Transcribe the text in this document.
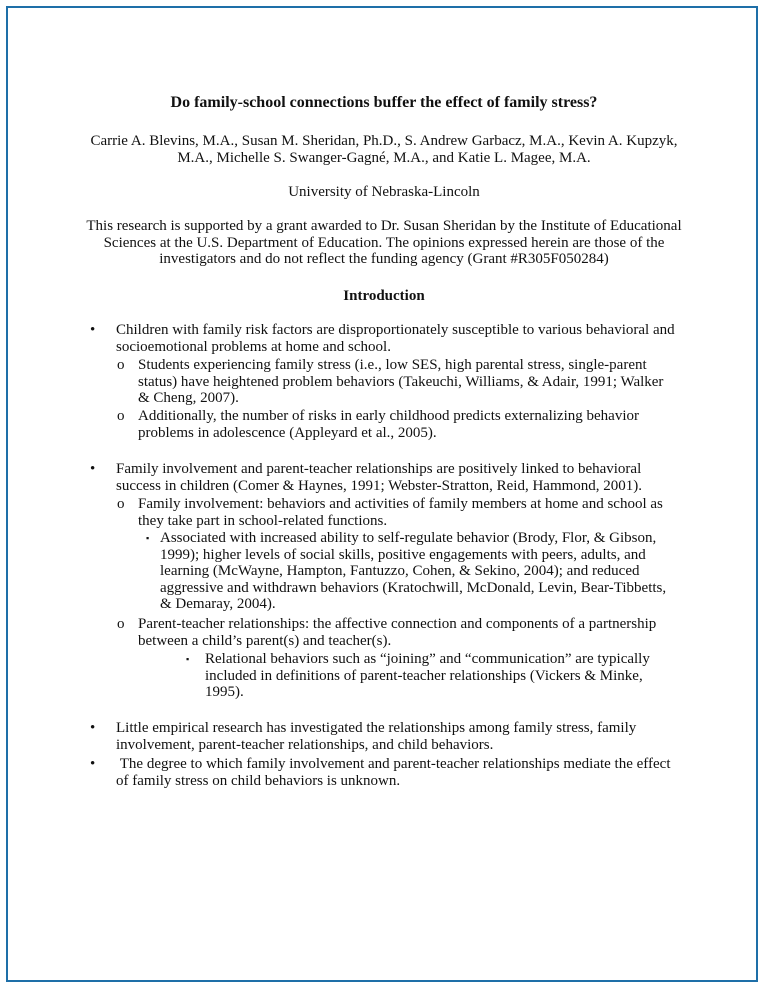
Do family-school connections buffer the effect of family stress?
Carrie A. Blevins, M.A., Susan M. Sheridan, Ph.D., S. Andrew Garbacz, M.A., Kevin A. Kupzyk, M.A., Michelle S. Swanger-Gagné, M.A., and Katie L. Magee, M.A.
University of Nebraska-Lincoln
This research is supported by a grant awarded to Dr. Susan Sheridan by the Institute of Educational Sciences at the U.S. Department of Education. The opinions expressed herein are those of the investigators and do not reflect the funding agency (Grant #R305F050284)
Introduction
• Children with family risk factors are disproportionately susceptible to various behavioral and socioemotional problems at home and school.
o Students experiencing family stress (i.e., low SES, high parental stress, single-parent status) have heightened problem behaviors (Takeuchi, Williams, & Adair, 1991; Walker & Cheng, 2007).
o Additionally, the number of risks in early childhood predicts externalizing behavior problems in adolescence (Appleyard et al., 2005).
• Family involvement and parent-teacher relationships are positively linked to behavioral success in children (Comer & Haynes, 1991; Webster-Stratton, Reid, Hammond, 2001).
o Family involvement: behaviors and activities of family members at home and school as they take part in school-related functions.
▪ Associated with increased ability to self-regulate behavior (Brody, Flor, & Gibson, 1999); higher levels of social skills, positive engagements with peers, adults, and learning (McWayne, Hampton, Fantuzzo, Cohen, & Sekino, 2004); and reduced aggressive and withdrawn behaviors (Kratochwill, McDonald, Levin, Bear-Tibbetts, & Demaray, 2004).
o Parent-teacher relationships: the affective connection and components of a partnership between a child’s parent(s) and teacher(s).
▪ Relational behaviors such as “joining” and “communication” are typically included in definitions of parent-teacher relationships (Vickers & Minke, 1995).
• Little empirical research has investigated the relationships among family stress, family involvement, parent-teacher relationships, and child behaviors.
• The degree to which family involvement and parent-teacher relationships mediate the effect of family stress on child behaviors is unknown.
